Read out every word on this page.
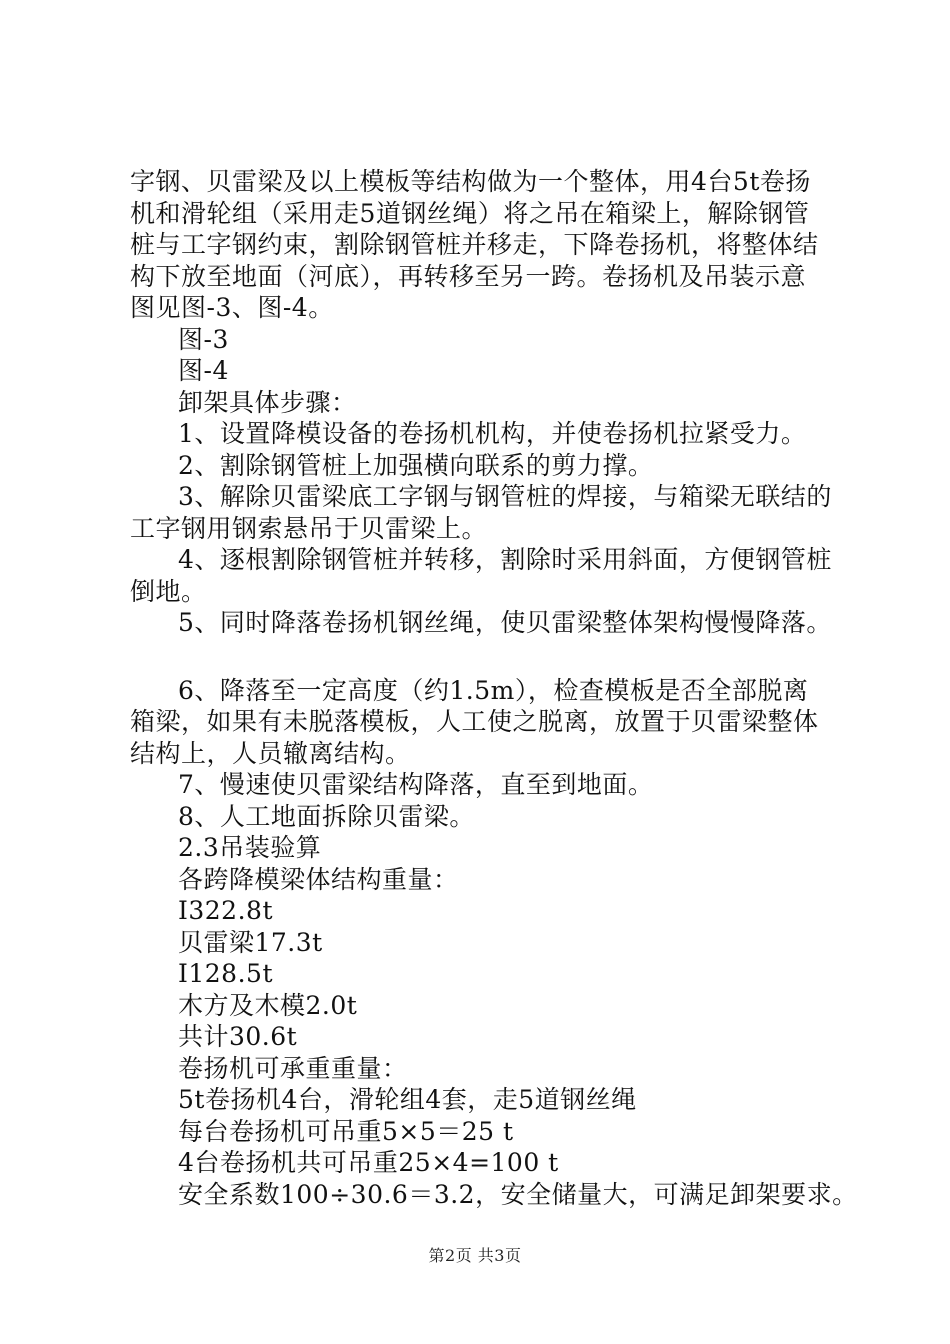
字钢、贝雷梁及以上模板等结构做为一个整体，用4台5t卷扬
机和滑轮组（采用走5道钢丝绳）将之吊在箱梁上，解除钢管
桩与工字钢约束，割除钢管桩并移走，下降卷扬机，将整体结
构下放至地面（河底），再转移至另一跨。卷扬机及吊装示意
图见图-3、图-4。
图-3
图-4
卸架具体步骤：
1、设置降模设备的卷扬机机构，并使卷扬机拉紧受力。
2、割除钢管桩上加强横向联系的剪力撑。
3、解除贝雷梁底工字钢与钢管桩的焊接，与箱梁无联结的
工字钢用钢索悬吊于贝雷梁上。
4、逐根割除钢管桩并转移，割除时采用斜面，方便钢管桩
倒地。
5、同时降落卷扬机钢丝绳，使贝雷梁整体架构慢慢降落。
6、降落至一定高度（约1.5m），检查模板是否全部脱离
箱梁，如果有未脱落模板，人工使之脱离，放置于贝雷梁整体
结构上，人员辙离结构。
7、慢速使贝雷梁结构降落，直至到地面。
8、人工地面拆除贝雷梁。
2.3吊装验算
各跨降模梁体结构重量：
Ⅰ322.8t
贝雷梁17.3t
Ⅰ128.5t
木方及木模2.0t
共计30.6t
卷扬机可承重重量：
5t卷扬机4台，滑轮组4套，走5道钢丝绳
每台卷扬机可吊重5×5＝25 t
4台卷扬机共可吊重25×4=100 t
安全系数100÷30.6＝3.2，安全储量大，可满足卸架要求。
第2页 共3页
